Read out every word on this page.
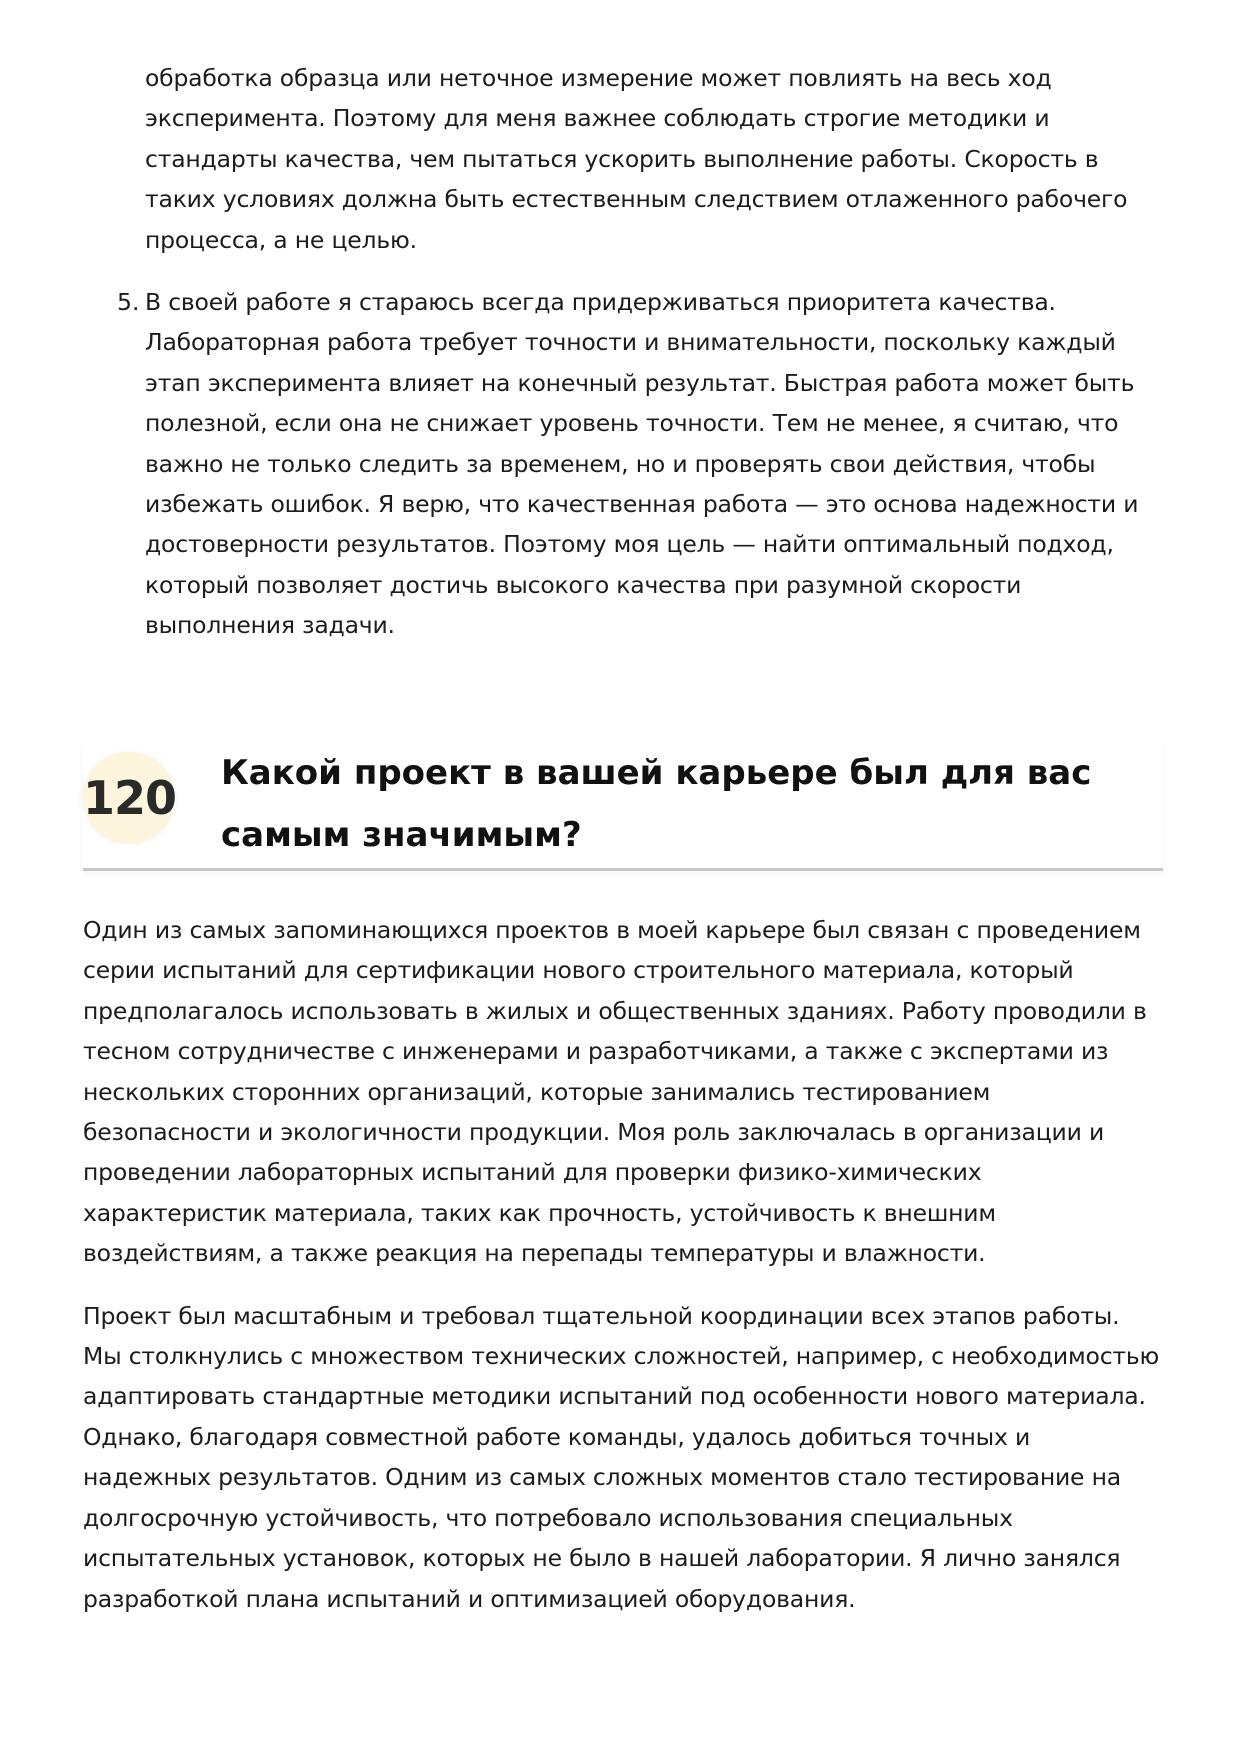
обработка образца или неточное измерение может повлиять на весь ход эксперимента. Поэтому для меня важнее соблюдать строгие методики и стандарты качества, чем пытаться ускорить выполнение работы. Скорость в таких условиях должна быть естественным следствием отлаженного рабочего процесса, а не целью.

5. В своей работе я стараюсь всегда придерживаться приоритета качества. Лабораторная работа требует точности и внимательности, поскольку каждый этап эксперимента влияет на конечный результат. Быстрая работа может быть полезной, если она не снижает уровень точности. Тем не менее, я считаю, что важно не только следить за временем, но и проверять свои действия, чтобы избежать ошибок. Я верю, что качественная работа — это основа надежности и достоверности результатов. Поэтому моя цель — найти оптимальный подход, который позволяет достичь высокого качества при разумной скорости выполнения задачи.

120 Какой проект в вашей карьере был для вас самым значимым?

Один из самых запоминающихся проектов в моей карьере был связан с проведением серии испытаний для сертификации нового строительного материала, который предполагалось использовать в жилых и общественных зданиях. Работу проводили в тесном сотрудничестве с инженерами и разработчиками, а также с экспертами из нескольких сторонних организаций, которые занимались тестированием безопасности и экологичности продукции. Моя роль заключалась в организации и проведении лабораторных испытаний для проверки физико-химических характеристик материала, таких как прочность, устойчивость к внешним воздействиям, а также реакция на перепады температуры и влажности.

Проект был масштабным и требовал тщательной координации всех этапов работы. Мы столкнулись с множеством технических сложностей, например, с необходимостью адаптировать стандартные методики испытаний под особенности нового материала. Однако, благодаря совместной работе команды, удалось добиться точных и надежных результатов. Одним из самых сложных моментов стало тестирование на долгосрочную устойчивость, что потребовало использования специальных испытательных установок, которых не было в нашей лаборатории. Я лично занялся разработкой плана испытаний и оптимизацией оборудования.
